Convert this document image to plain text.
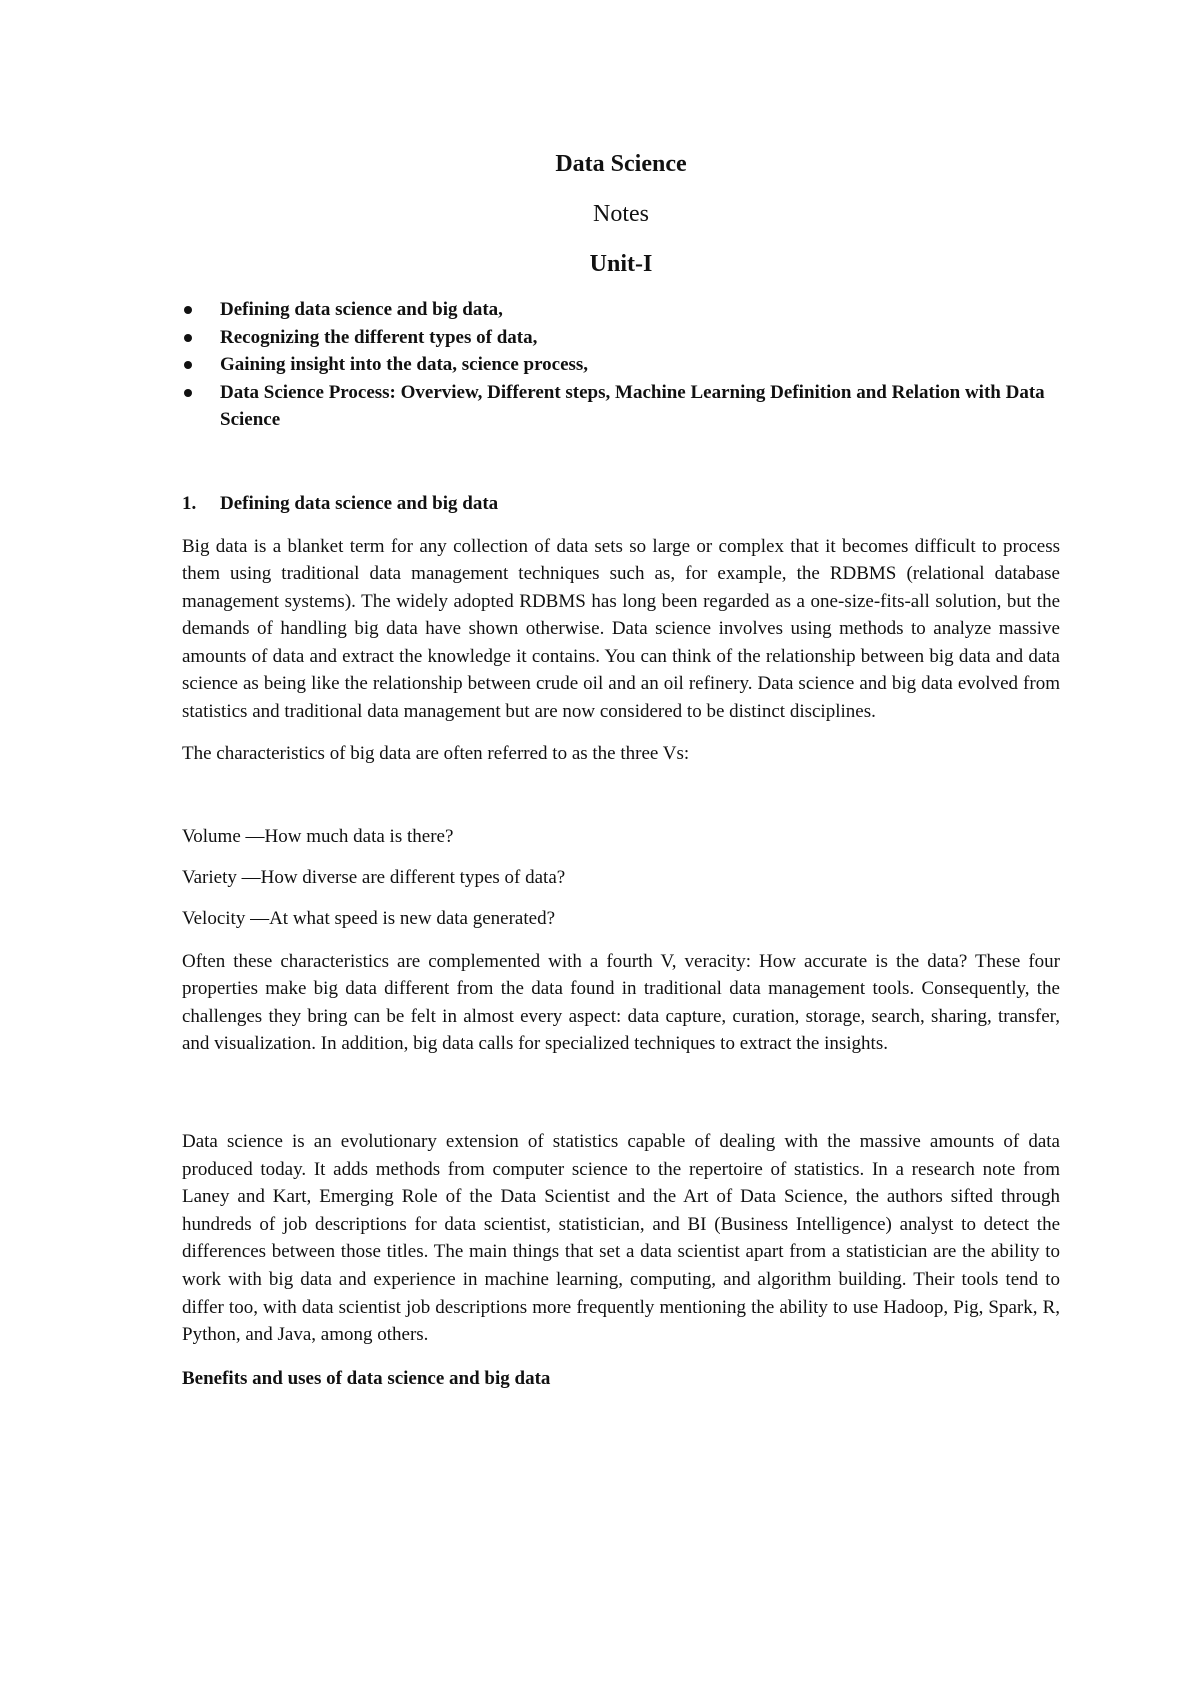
Data Science
Notes
Unit-I
Defining data science and big data,
Recognizing the different types of data,
Gaining insight into the data, science process,
Data Science Process: Overview, Different steps, Machine Learning Definition and Relation with Data Science
1.	Defining data science and big data

Big data is a blanket term for any collection of data sets so large or complex that it becomes difficult to process them using traditional data management techniques such as, for example, the RDBMS (relational database management systems). The widely adopted RDBMS has long been regarded as a one-size-fits-all solution, but the demands of handling big data have shown otherwise. Data science involves using methods to analyze massive amounts of data and extract the knowledge it contains. You can think of the relationship between big data and data science as being like the relationship between crude oil and an oil refinery. Data science and big data evolved from statistics and traditional data management but are now considered to be distinct disciplines.

The characteristics of big data are often referred to as the three Vs:

Volume —How much data is there?

Variety —How diverse are different types of data?

Velocity —At what speed is new data generated?

Often these characteristics are complemented with a fourth V, veracity: How accurate is the data? These four properties make big data different from the data found in traditional data management tools. Consequently, the challenges they bring can be felt in almost every aspect: data capture, curation, storage, search, sharing, transfer, and visualization. In addition, big data calls for specialized techniques to extract the insights.

Data science is an evolutionary extension of statistics capable of dealing with the massive amounts of data produced today. It adds methods from computer science to the repertoire of statistics. In a research note from Laney and Kart, Emerging Role of the Data Scientist and the Art of Data Science, the authors sifted through hundreds of job descriptions for data scientist, statistician, and BI (Business Intelligence) analyst to detect the differences between those titles. The main things that set a data scientist apart from a statistician are the ability to work with big data and experience in machine learning, computing, and algorithm building. Their tools tend to differ too, with data scientist job descriptions more frequently mentioning the ability to use Hadoop, Pig, Spark, R, Python, and Java, among others.

Benefits and uses of data science and big data
